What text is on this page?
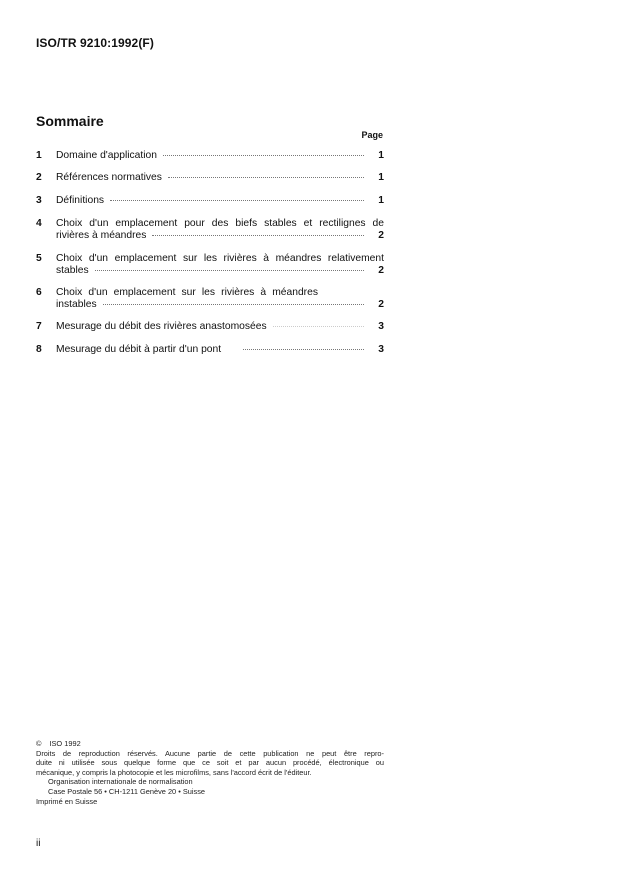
ISO/TR 9210:1992(F)
Sommaire
Page
1	Domaine d'application	1
2	Références normatives	1
3	Définitions	1
4	Choix d'un emplacement pour des biefs stables et rectilignes de
rivières à méandres	2
5	Choix d'un emplacement sur les rivières à méandres relativement
stables	2
6	Choix d'un emplacement sur les rivières à méandres
instables	2
7	Mesurage du débit des rivières anastomosées	3
8	Mesurage du débit à partir d'un pont	3
© ISO 1992
Droits de reproduction réservés. Aucune partie de cette publication ne peut être repro-
duite ni utilisée sous quelque forme que ce soit et par aucun procédé, électronique ou
mécanique, y compris la photocopie et les microfilms, sans l'accord écrit de l'éditeur.
Organisation internationale de normalisation
Case Postale 56 • CH-1211 Genève 20 • Suisse
Imprimé en Suisse
ii
